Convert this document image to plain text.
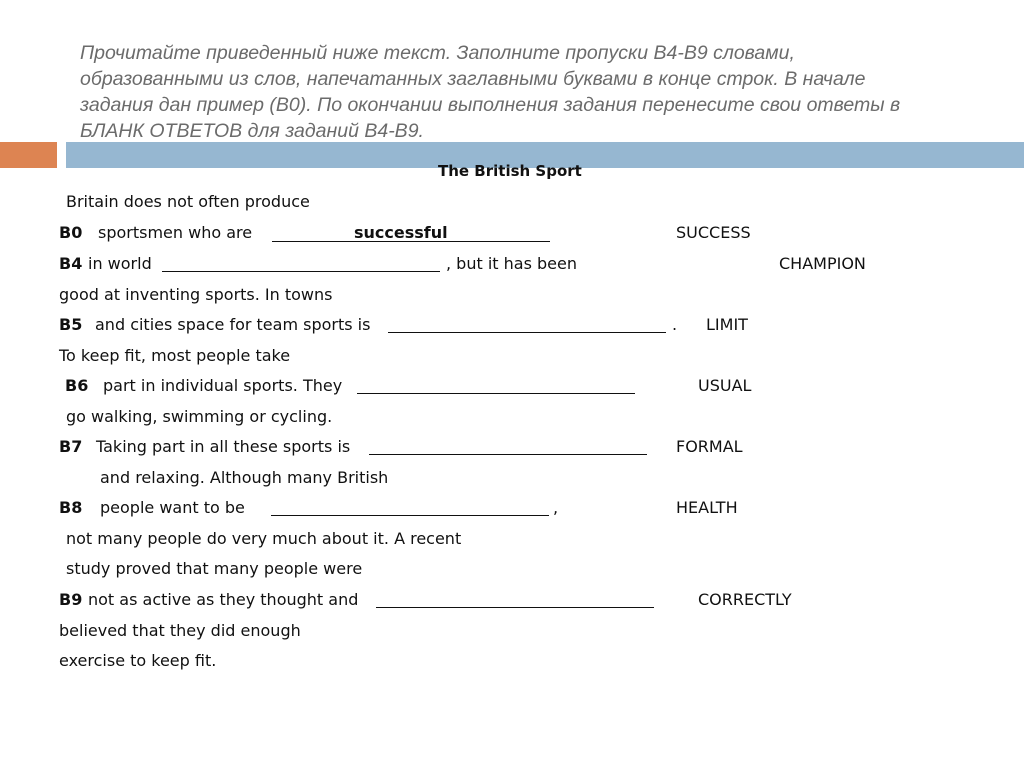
Прочитайте приведенный ниже текст. Заполните пропуски В4-В9 словами,
образованными из слов, напечатанных заглавными буквами в конце строк. В начале
задания дан пример (В0). По окончании выполнения задания перенесите свои ответы в
БЛАНК ОТВЕТОВ для заданий В4-В9.

The British Sport
Britain does not often produce
B0 sportsmen who are	successful	SUCCESS
B4 in world	, but it has been	CHAMPION
good at inventing sports. In towns
B5 and cities space for team sports is	. LIMIT
To keep fit, most people take
B6 part in individual sports. They	USUAL
go walking, swimming or cycling.
B7 Taking part in all these sports is	FORMAL
and relaxing. Although many British
B8 people want to be	,	HEALTH
not many people do very much about it. A recent
study proved that many people were
B9 not as active as they thought and	CORRECTLY
believed that they did enough
exercise to keep fit.
